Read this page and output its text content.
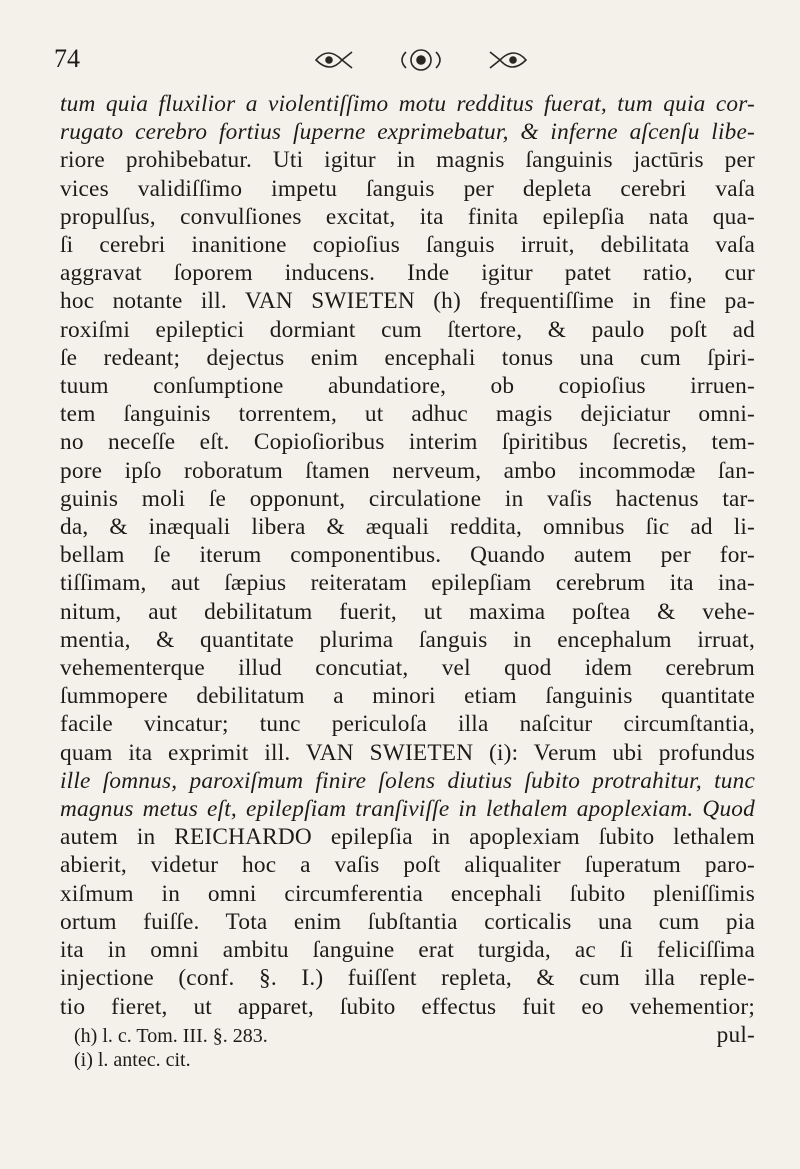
74
tum quia fluxilior a violentiſſimo motu redditus fuerat, tum quia cor-
rugato cerebro fortius ſuperne exprimebatur, & inferne aſcenſu libe-
riore prohibebatur. Uti igitur in magnis ſanguinis jactūris per
vices validiſſimo impetu ſanguis per depleta cerebri vaſa
propulſus, convulſiones excitat, ita finita epilepſia nata qua-
ſi cerebri inanitione copioſius ſanguis irruit, debilitata vaſa
aggravat ſoporem inducens. Inde igitur patet ratio, cur
hoc notante ill. VAN SWIETEN (h) frequentiſſime in fine pa-
roxiſmi epileptici dormiant cum ſtertore, & paulo poſt ad
ſe redeant; dejectus enim encephali tonus una cum ſpiri-
tuum conſumptione abundatiore, ob copioſius irruen-
tem ſanguinis torrentem, ut adhuc magis dejiciatur omni-
no neceſſe eſt. Copioſioribus interim ſpiritibus ſecretis, tem-
pore ipſo roboratum ſtamen nerveum, ambo incommodæ ſan-
guinis moli ſe opponunt, circulatione in vaſis hactenus tar-
da, & inæquali libera & æquali reddita, omnibus ſic ad li-
bellam ſe iterum componentibus. Quando autem per for-
tiſſimam, aut ſæpius reiteratam epilepſiam cerebrum ita ina-
nitum, aut debilitatum fuerit, ut maxima poſtea & vehe-
mentia, & quantitate plurima ſanguis in encephalum irruat,
vehementerque illud concutiat, vel quod idem cerebrum
ſummopere debilitatum a minori etiam ſanguinis quantitate
facile vincatur; tunc periculoſa illa naſcitur circumſtantia,
quam ita exprimit ill. VAN SWIETEN (i): Verum ubi profundus
ille ſomnus, paroxiſmum finire ſolens diutius ſubito protrahitur, tunc
magnus metus eſt, epilepſiam tranſiviſſe in lethalem apoplexiam. Quod
autem in REICHARDO epilepſia in apoplexiam ſubito lethalem
abierit, videtur hoc a vaſis poſt aliqualiter ſuperatum paro-
xiſmum in omni circumferentia encephali ſubito pleniſſimis
ortum fuiſſe. Tota enim ſubſtantia corticalis una cum pia
ita in omni ambitu ſanguine erat turgida, ac ſi feliciſſima
injectione (conf. §. I.) fuiſſent repleta, & cum illa reple-
tio fieret, ut apparet, ſubito effectus fuit eo vehementior;
pul-
(h) l. c. Tom. III. §. 283.
(i) l. antec. cit.
